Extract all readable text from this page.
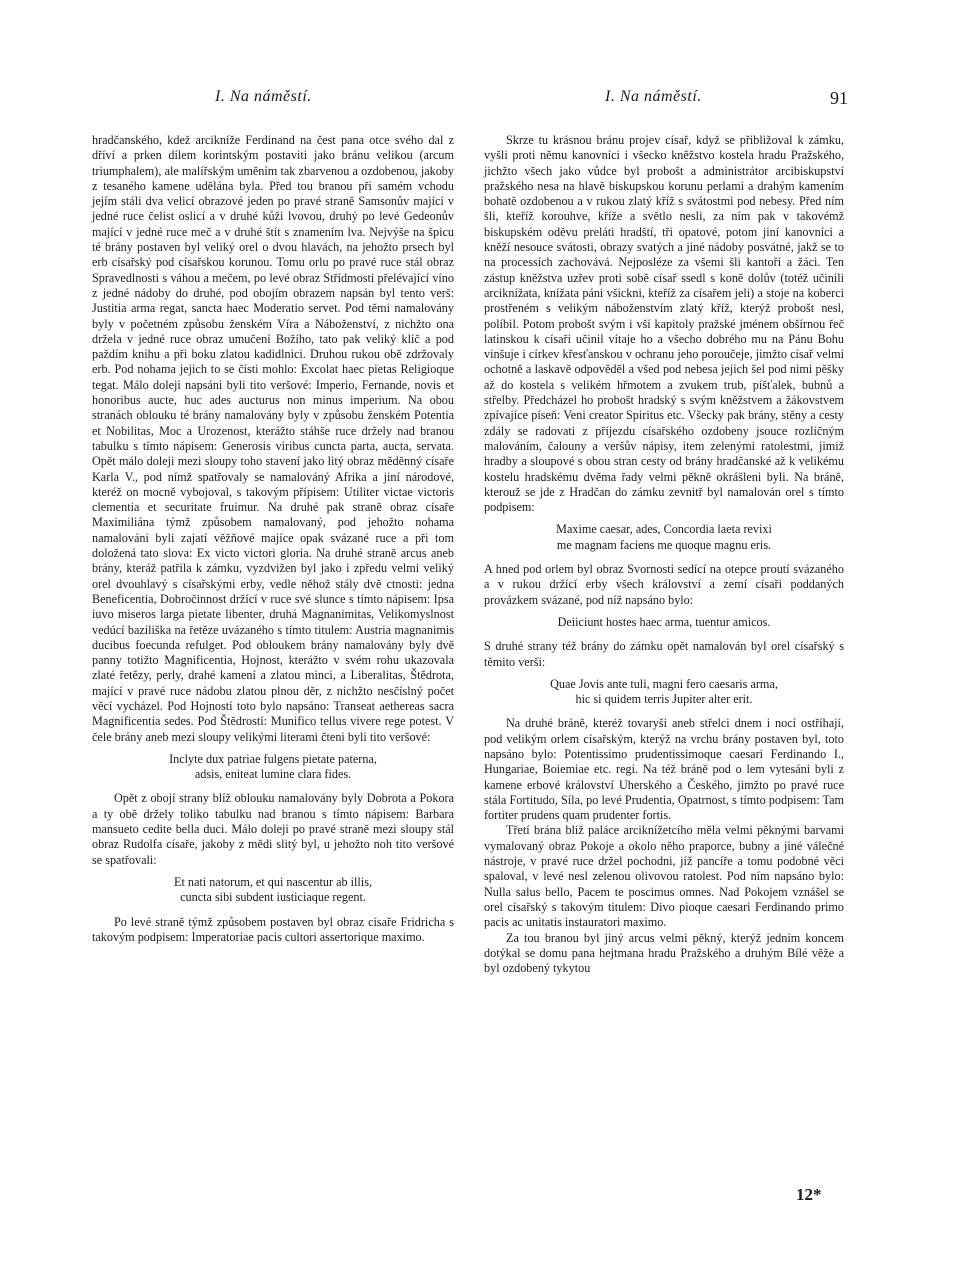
I. Na náměstí.	I. Na náměstí.	91

hradčanského, kdež arcikníže Ferdinand na čest pana otce svého dal z dříví a prken dílem korintským postaviti jako bránu velikou (arcum triumphalem), ale malířským uměním tak zbarvenou a ozdobenou, jakoby z tesaného kamene udělána byla. Před tou branou při samém vchodu jejím stáli dva velicí obrazové jeden po pravé straně Samsonův mající v jedné ruce čelist oslicí a v druhé kůži lvovou, druhý po levé Gedeonův mající v jedné ruce meč a v druhé štít s znamením lva. Nejvýše na špicu té brány postaven byl veliký orel o dvou hlavách, na jehožto prsech byl erb císařský pod císařskou korunou. Tomu orlu po pravé ruce stál obraz Spravedlnosti s váhou a mečem, po levé obraz Střídmosti přelévající víno z jedné nádoby do druhé, pod obojím obrazem napsán byl tento verš: Justitia arma regat, sancta haec Moderatio servet. Pod těmi namalovány byly v početném způsobu ženském Víra a Náboženství, z nichžto ona držela v jedné ruce obraz umučení Božího, tato pak veliký klíč a pod paždím knihu a při boku zlatou kadidlnici. Druhou rukou obě zdržovaly erb. Pod nohama jejich to se čísti mohlo: Excolat haec pietas Religioque tegat. Málo doleji napsáni byli tito veršové: Imperio, Fernande, novis et honoribus aucte, huc ades aucturus non minus imperium. Na obou stranách oblouku té brány namalovány byly v způsobu ženském Potentia et Nobilitas, Moc a Urozenost, kterážto stáhše ruce držely nad branou tabulku s tímto nápisem: Generosis viribus cuncta parta, aucta, servata. Opět málo doleji mezi sloupy toho stavení jako litý obraz měděnný císaře Karla V., pod nímž spatřovaly se namalováný Afrika a jiní národové, kteréž on mocně vybojoval, s takovým přípisem: Utiliter victae victoris clementia et securitate fruimur. Na druhé pak straně obraz císaře Maximiliána týmž způsobem namalovaný, pod jehožto nohama namalováni byli zajatí věžňové majíce opak svázané ruce a při tom doložená tato slova: Ex victo victori gloria. Na druhé straně arcus aneb brány, kteráž patřila k zámku, vyzdvižen byl jako i zpředu velmi veliký orel dvouhlavý s císařskými erby, vedle něhož stály dvě ctnosti: jedna Beneficentia, Dobročinnost držící v ruce své slunce s tímto nápisem: Ipsa iuvo miseros larga pietate libenter, druhá Magnanimitas, Velikomyslnost vedúcí baziliška na řetěze uvázaného s tímto titulem: Austria magnanimis ducibus foecunda refulget. Pod obloukem brány namalovány byly dvě panny totižto Magnificentia, Hojnost, kterážto v svém rohu ukazovala zlaté řetězy, perly, drahé kamení a zlatou minci, a Liberalitas, Štědrota, mající v pravé ruce nádobu zlatou plnou děr, z nichžto nesčíslný počet věcí vycházel. Pod Hojností toto bylo napsáno: Transeat aethereas sacra Magnificentia sedes. Pod Štědrostí: Munifico tellus vivere rege potest. V čele brány aneb mezi sloupy velikými literami čteni byli tito veršové:

Inclyte dux patriae fulgens pietate paterna,
adsis, eniteat lumine clara fides.

Opět z obojí strany blíž oblouku namalovány byly Dobrota a Pokora a ty obě držely toliko tabulku nad branou s tímto nápisem: Barbara mansueto cedite bella duci. Málo doleji po pravé straně mezi sloupy stál obraz Rudolfa císaře, jakoby z mědi slitý byl, u jehožto noh tito veršové se spatřovali:

Et nati natorum, et qui nascentur ab illis,
cuncta sibi subdent iusticiaque regent.

Po levé straně týmž způsobem postaven byl obraz císaře Fridricha s takovým podpisem: Imperatoriae pacis cultori assertorique maximo.

Skrze tu krásnou bránu projev císař, když se přibližoval k zámku, vyšli proti němu kanovníci i všecko kněžstvo kostela hradu Pražského, jichžto všech jako vůdce byl probošt a administrátor arcibiskupství pražského nesa na hlavě biskupskou korunu perlami a drahým kamením bohatě ozdobenou a v rukou zlatý kříž s svátostmi pod nebesy. Před ním šli, kteříž korouhve, kříže a světlo nesli, za ním pak v takovémž biskupském oděvu preláti hradští, tři opatové, potom jiní kanovníci a kněží nesouce svátosti, obrazy svatých a jiné nádoby posvátné, jakž se to na processích zachovává. Nejposléze za všemi šli kantoři a žáci. Ten zástup kněžstva uzřev proti sobě císař ssedl s koně dolův (totéž učinili arciknížata, knížata páni všickni, kteříž za císařem jeli) a stoje na koberci prostřeném s velikým náboženstvím zlatý kříž, kterýž probošt nesl, políbil. Potom probošt svým i vší kapitoly pražské jménem obšírnou řeč latinskou k císaři učinil vítaje ho a všecho dobrého mu na Pánu Bohu vinšuje i církev křesťanskou v ochranu jeho poroučeje, jimžto císař velmi ochotně a laskavě odpověděl a všed pod nebesa jejich šel pod nimi pěšky až do kostela s velikém hřmotem a zvukem trub, píšťalek, bubnů a střelby. Předcházel ho probošt hradský s svým kněžstvem a žákovstvem zpívajíce píseň: Veni creator Spiritus etc. Všecky pak brány, stěny a cesty zdály se radovati z příjezdu císařského ozdobeny jsouce rozličným malováním, čalouny a veršův nápisy, item zelenými ratolestmi, jimiž hradby a sloupové s obou stran cesty od brány hradčanské až k velikému kostelu hradskému dvěma řady velmi pěkně okrášleni byli. Na bráně, kterouž se jde z Hradčan do zámku zevnitř byl namalován orel s tímto podpisem:

Maxime caesar, ades, Concordia laeta revixi
me magnam faciens me quoque magnu eris.

A hned pod orlem byl obraz Svornosti sedící na otepce proutí svázaného a v rukou držící erby všech království a zemí císaři poddaných provázkem svázané, pod níž napsáno bylo:

Deiiciunt hostes haec arma, tuentur amicos.

S druhé strany též brány do zámku opět namalován byl orel císařský s těmito verši:

Quae Jovis ante tuli, magni fero caesaris arma,
hic si quidem terris Jupiter alter erit.

Na druhé bráně, kteréž tovaryši aneb střelci dnem i nocí ostříhají, pod velikým orlem císařským, kterýž na vrchu brány postaven byl, toto napsáno bylo: Potentissimo prudentissimoque caesari Ferdinando I., Hungariae, Boiemiae etc. regi. Na též bráně pod o lem vytesáni byli z kamene erbové království Uherského a Českého, jimžto po pravé ruce stála Fortitudo, Síla, po levé Prudentia, Opatrnost, s tímto podpisem: Tam fortiter prudens quam prudenter fortis.

Třetí brána blíž paláce arciknížetcího měla velmi pěknými barvami vymalovaný obraz Pokoje a okolo něho praporce, bubny a jiné válečné nástroje, v pravé ruce držel pochodni, jíž pancíře a tomu podobné věci spaloval, v levé nesl zelenou olivovou ratolest. Pod ním napsáno bylo: Nulla salus bello, Pacem te poscimus omnes. Nad Pokojem vznášel se orel císařský s takovým titulem: Divo pioque caesari Ferdinando primo pacis ac unitatis instauratori maximo.

Za tou branou byl jiný arcus velmi pěkný, kterýž jedním koncem dotýkal se domu pana hejtmana hradu Pražského a druhým Bílé věže a byl ozdobený tykytou

12*
